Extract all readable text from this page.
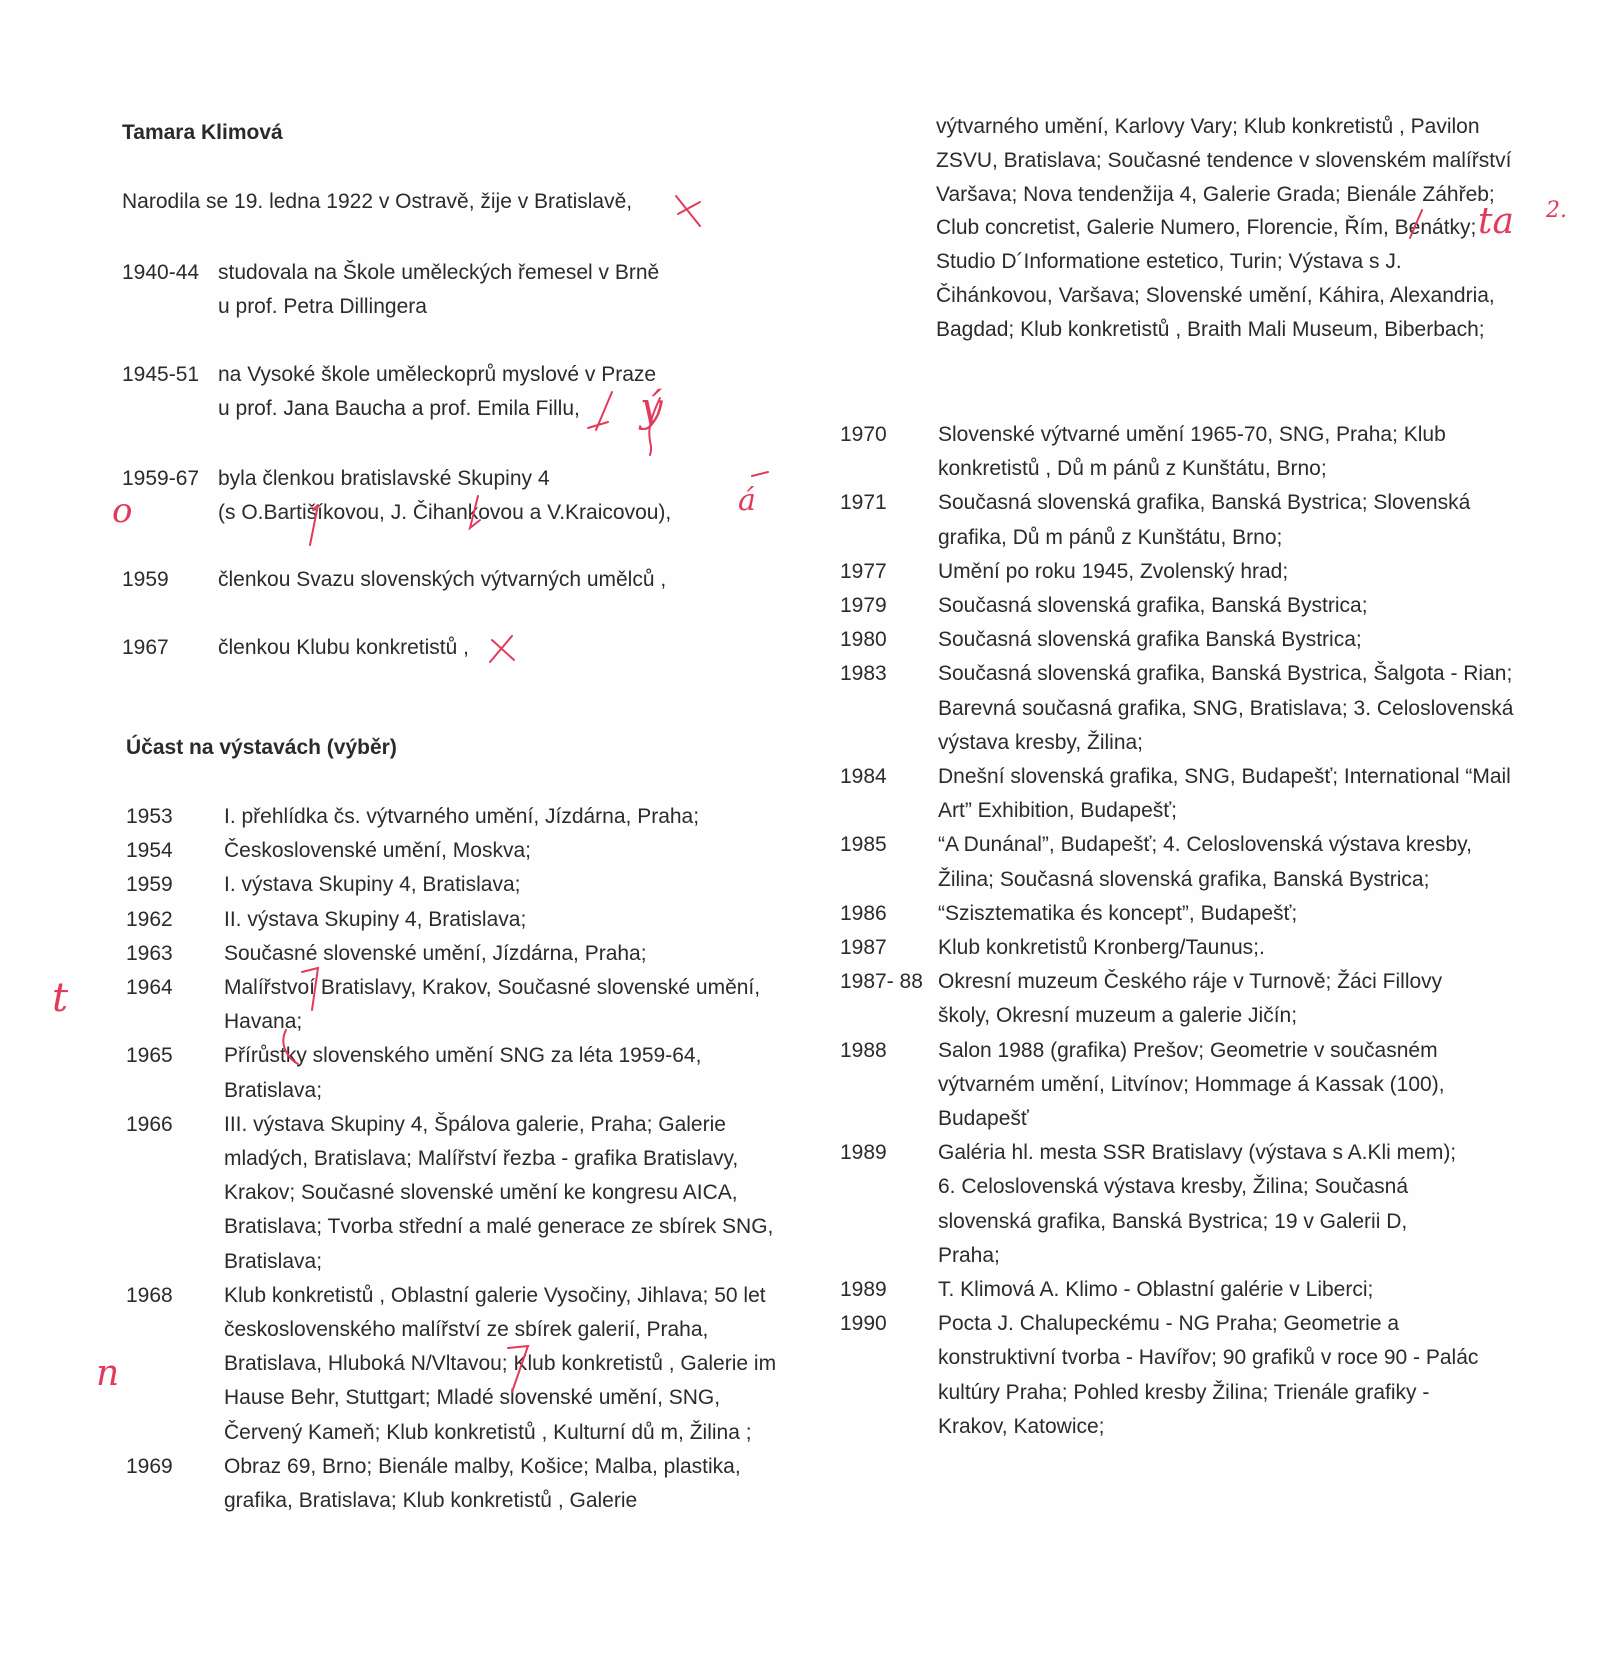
Tamara Klimová
Narodila se 19. ledna 1922 v Ostravě, žije v Bratislavě,
1940-44 studovala na Škole uměleckých řemesel v Brně
u prof. Petra Dillingera
1945-51 na Vysoké škole uměleckoprů myslové v Praze
u prof. Jana Baucha a prof. Emila Fillu,
1959-67 byla členkou bratislavské Skupiny 4
(s O.Bartišíkovou, J. Čihankovou a V.Kraicovou),
1959	členkou Svazu slovenských výtvarných umělců ,
1967	členkou Klubu konkretistů ,
Účast na výstavách (výběr)
1953	I. přehlídka čs. výtvarného umění, Jízdárna, Praha;
1954	Československé umění, Moskva;
1959	I. výstava Skupiny 4, Bratislava;
1962	II. výstava Skupiny 4, Bratislava;
1963	Současné slovenské umění, Jízdárna, Praha;
1964	Malířstvoí Bratislavy, Krakov, Současné slovenské umění, Havana;
1965	Přírůstky slovenského umění SNG za léta 1959-64, Bratislava;
1966	III. výstava Skupiny 4, Špálova galerie, Praha; Galerie mladých, Bratislava; Malířství řezba - grafika Bratislavy, Krakov; Současné slovenské umění ke kongresu AICA, Bratislava; Tvorba střední a malé generace ze sbírek SNG, Bratislava;
1968	Klub konkretistů , Oblastní galerie Vysočiny, Jihlava; 50 let československého malířství ze sbírek galerií, Praha, Bratislava, Hluboká N/Vltavou; Klub konkretistů , Galerie im Hause Behr, Stuttgart; Mladé slovenské umění, SNG, Červený Kameň; Klub konkretistů , Kulturní dů m, Žilina ;
1969	Obraz 69, Brno; Bienále malby, Košice; Malba, plastika, grafika, Bratislava; Klub konkretistů , Galerie
výtvarného umění, Karlovy Vary; Klub konkretistů , Pavilon ZSVU, Bratislava; Současné tendence v slovenském malířství Varšava; Nova tendenžija 4, Galerie Grada; Bienále Záhřeb; Club concretist, Galerie Numero, Florencie, Řím, Benátky; Studio D´Informatione estetico, Turin; Výstava s J. Čihánkovou, Varšava; Slovenské umění, Káhira, Alexandria, Bagdad; Klub konkretistů , Braith Mali Museum, Biberbach;
1970	Slovenské výtvarné umění 1965-70, SNG, Praha; Klub konkretistů , Dů m pánů z Kunštátu, Brno;
1971	Současná slovenská grafika, Banská Bystrica; Slovenská grafika, Dů m pánů z Kunštátu, Brno;
1977	Umění po roku 1945, Zvolenský hrad;
1979	Současná slovenská grafika, Banská Bystrica;
1980	Současná slovenská grafika Banská Bystrica;
1983	Současná slovenská grafika, Banská Bystrica, Šalgota - Rian; Barevná současná grafika, SNG, Bratislava; 3. Celoslovenská výstava kresby, Žilina;
1984	Dnešní slovenská grafika, SNG, Budapešť; International “Mail Art” Exhibition, Budapešť;
1985	“A Dunánal”, Budapešť; 4. Celoslovenská výstava kresby, Žilina; Současná slovenská grafika, Banská Bystrica;
1986	“Szisztematika és koncept”, Budapešť;
1987	Klub konkretistů Kronberg/Taunus;.
1987- 88 Okresní muzeum Českého ráje v Turnově; Žáci Fillovy školy, Okresní muzeum a galerie Jičín;
1988	Salon 1988 (grafika) Prešov; Geometrie v současném výtvarném umění, Litvínov; Hommage á Kassak (100), Budapešť
1989	Galéria hl. mesta SSR Bratislavy (výstava s A.Kli mem); 6. Celoslovenská výstava kresby, Žilina; Současná slovenská grafika, Banská Bystrica; 19 v Galerii D, Praha;
1989	T. Klimová A. Klimo - Oblastní galérie v Liberci;
1990	Pocta J. Chalupeckému - NG Praha; Geometrie a konstruktivní tvorba - Havířov; 90 grafiků v roce 90 - Palác kultúry Praha; Pohled kresby Žilina; Trienále grafiky - Krakov, Katowice;
ta 2.
ý
o	á
t
n
